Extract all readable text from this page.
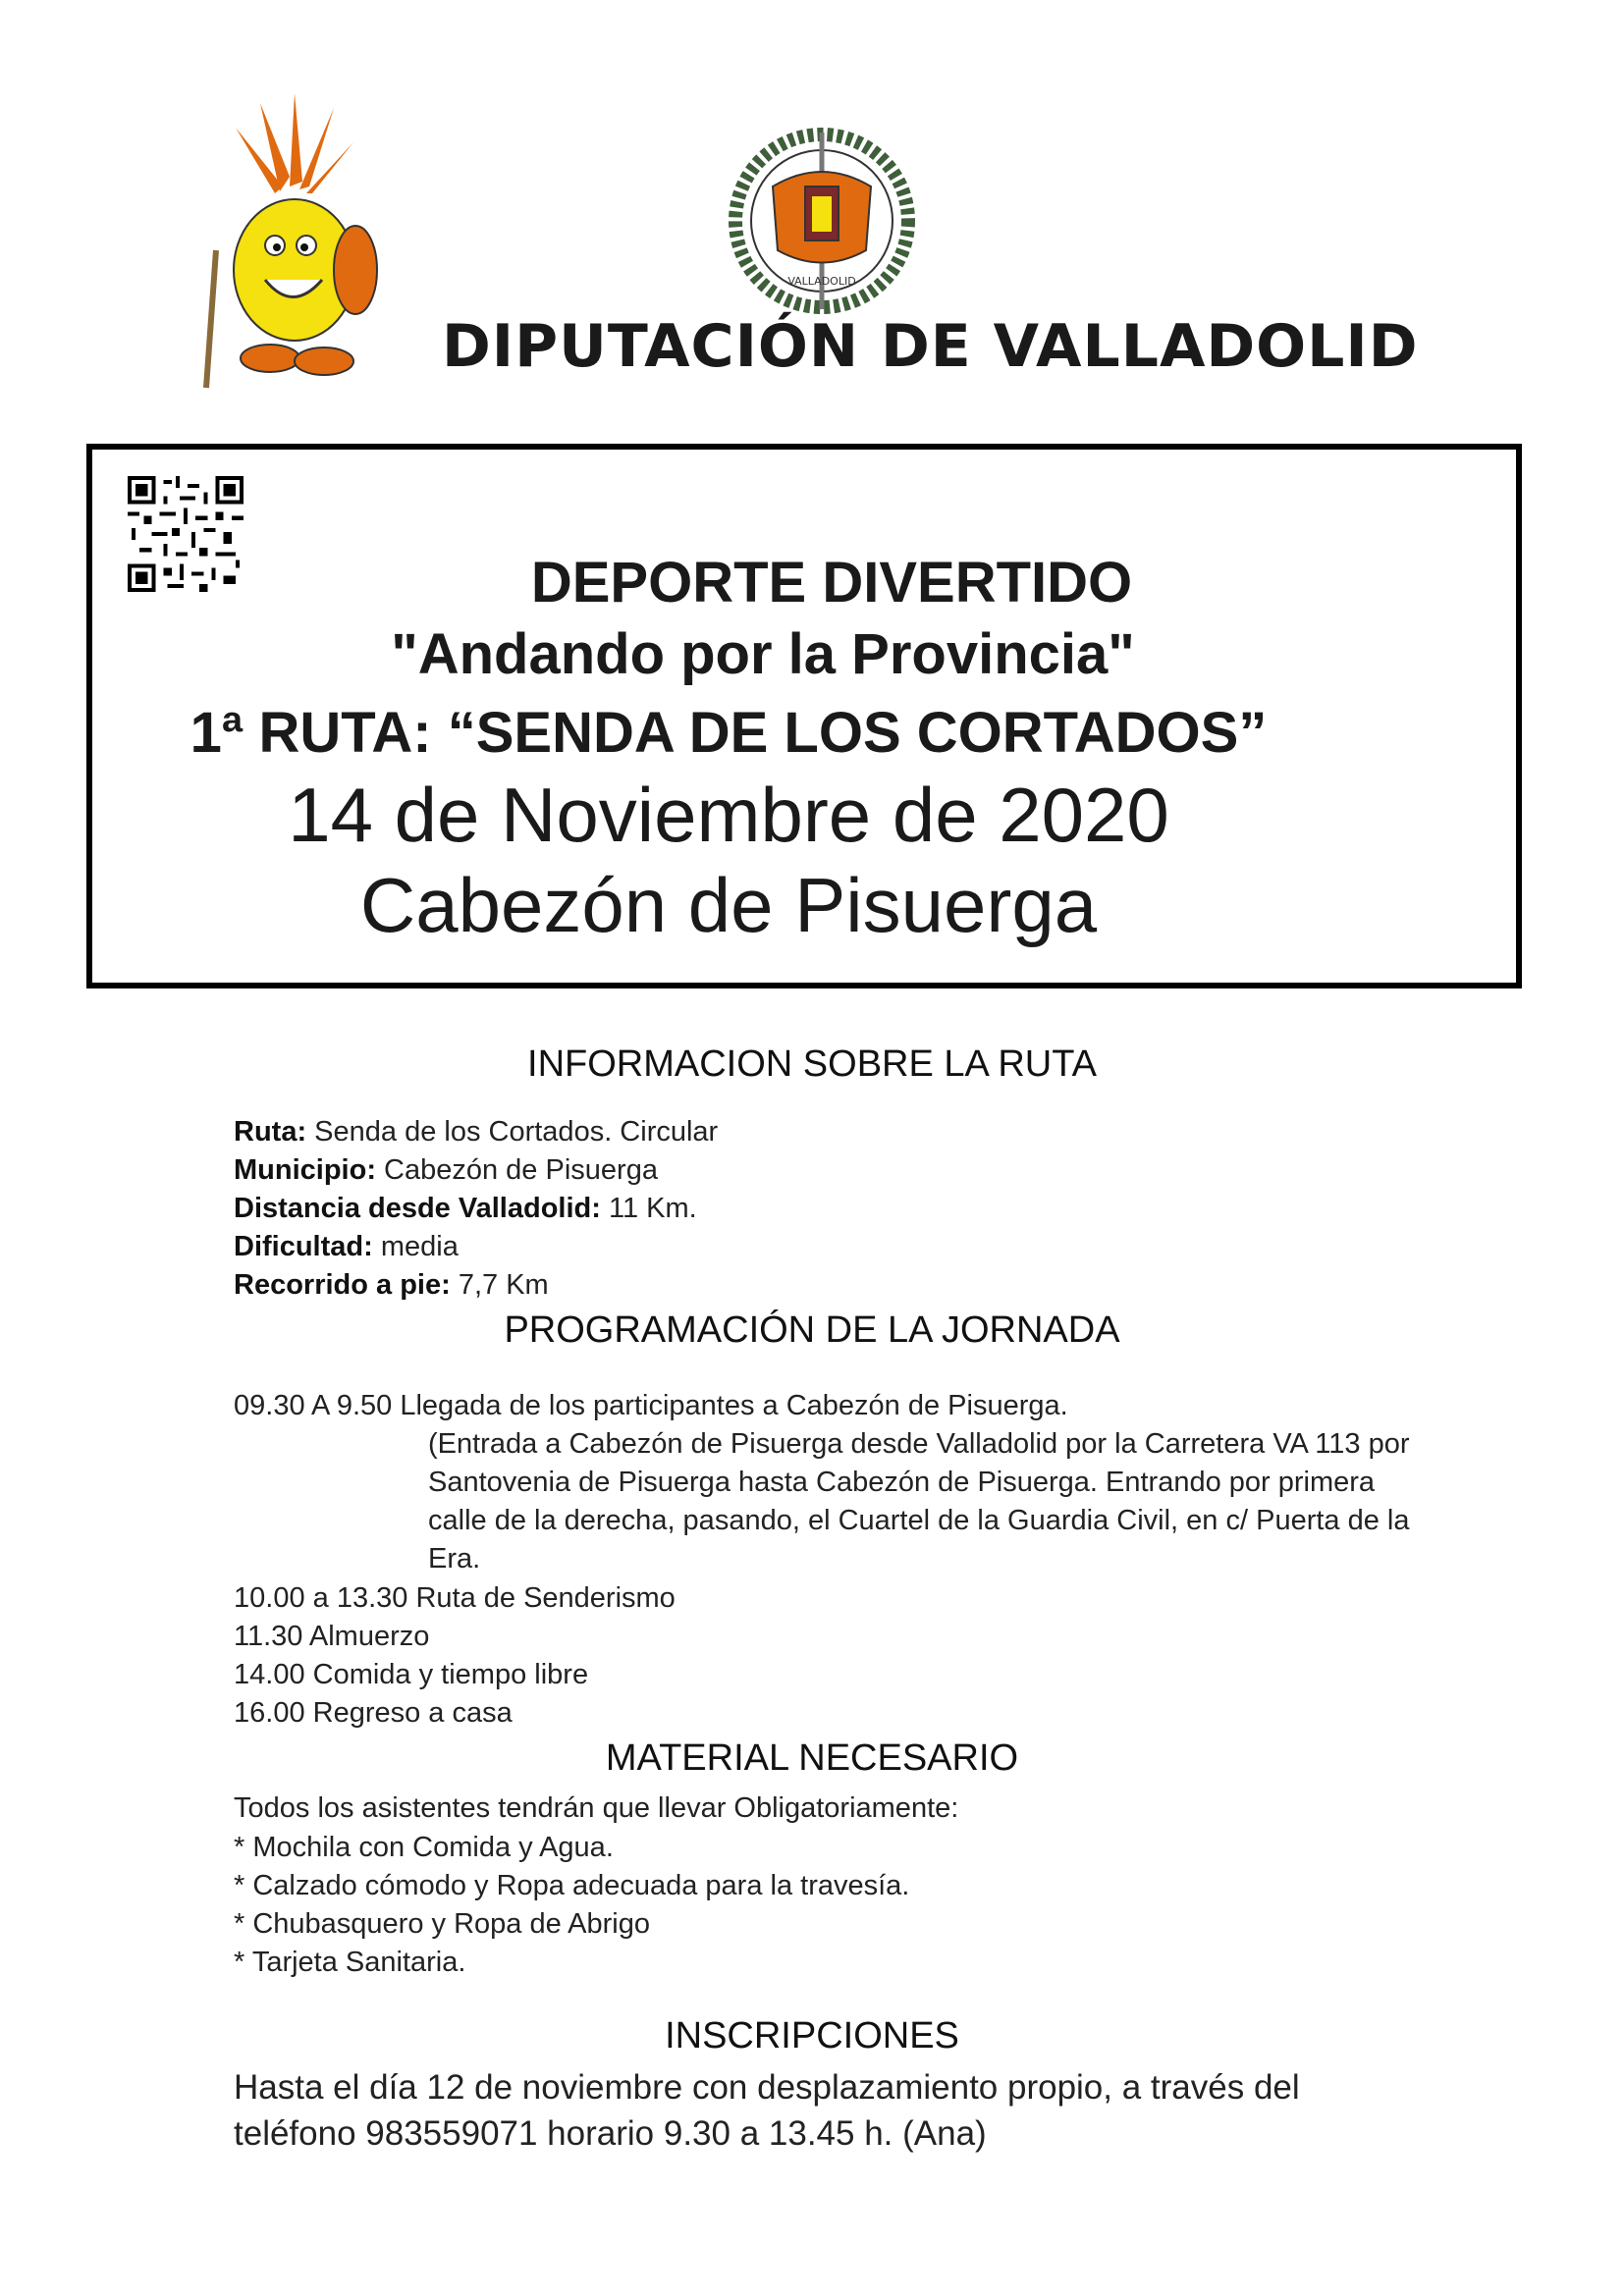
VALLADOLID
DIPUTACIÓN DE VALLADOLID
DEPORTE DIVERTIDO
"Andando por la Provincia"
1ª RUTA: “SENDA DE LOS CORTADOS”
14 de Noviembre de 2020
Cabezón de Pisuerga
INFORMACION SOBRE LA RUTA
Ruta: Senda de los Cortados. Circular
Municipio: Cabezón de Pisuerga
Distancia desde Valladolid: 11 Km.
Dificultad: media
Recorrido a pie: 7,7 Km
PROGRAMACIÓN DE LA JORNADA
09.30 A 9.50 Llegada de los participantes a Cabezón de Pisuerga.
(Entrada a Cabezón de Pisuerga desde Valladolid por la Carretera VA 113 por
Santovenia de Pisuerga hasta Cabezón de Pisuerga. Entrando por primera
calle de la derecha, pasando, el Cuartel de la Guardia Civil, en c/ Puerta de la
Era.
10.00 a 13.30 Ruta de Senderismo
11.30 Almuerzo
14.00 Comida y tiempo libre
16.00 Regreso a casa
MATERIAL NECESARIO
Todos los asistentes tendrán que llevar Obligatoriamente:
* Mochila con Comida y Agua.
* Calzado cómodo y Ropa adecuada para la travesía.
* Chubasquero y Ropa de Abrigo
* Tarjeta Sanitaria.
INSCRIPCIONES
Hasta el día 12 de noviembre con desplazamiento propio, a través del
teléfono 983559071 horario 9.30 a 13.45 h. (Ana)
